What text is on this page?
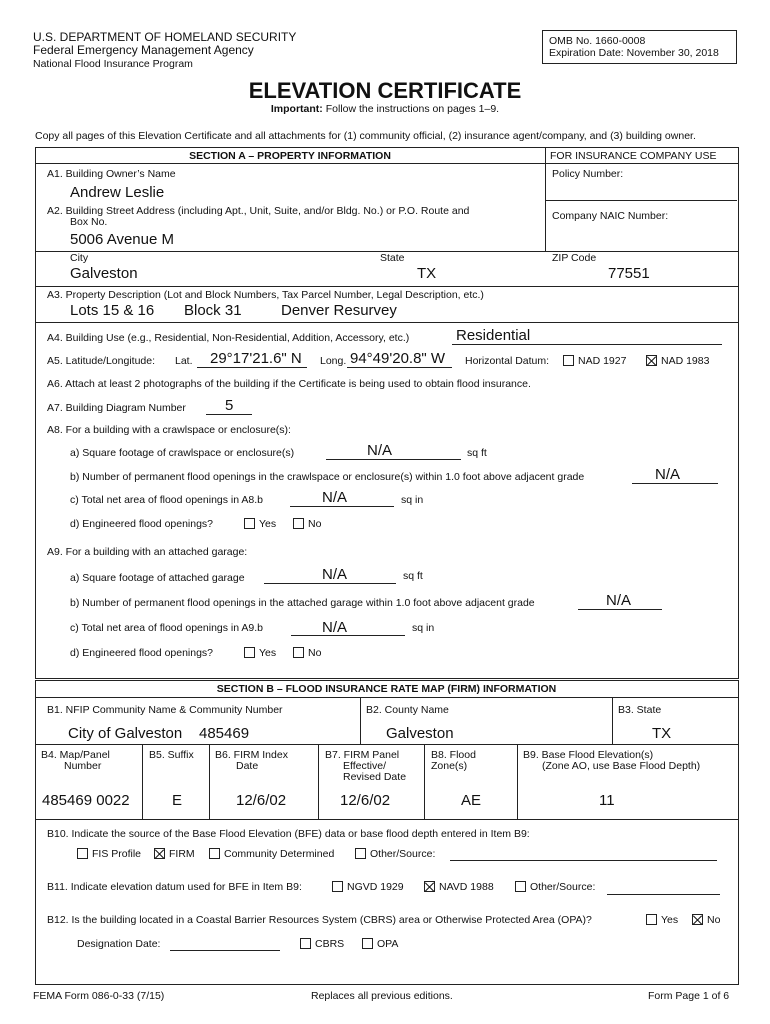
U.S. DEPARTMENT OF HOMELAND SECURITY
Federal Emergency Management Agency
National Flood Insurance Program
OMB No. 1660-0008
Expiration Date: November 30, 2018
ELEVATION CERTIFICATE
Important: Follow the instructions on pages 1–9.
Copy all pages of this Elevation Certificate and all attachments for (1) community official, (2) insurance agent/company, and (3) building owner.
SECTION A – PROPERTY INFORMATION	FOR INSURANCE COMPANY USE
Policy Number:
Company NAIC Number:
A1. Building Owner’s Name
Andrew Leslie
A2. Building Street Address (including Apt., Unit, Suite, and/or Bldg. No.) or P.O. Route and
Box No.
5006 Avenue M
City
Galveston
State
TX
ZIP Code
77551
A3. Property Description (Lot and Block Numbers, Tax Parcel Number, Legal Description, etc.)
Lots 15 & 16 Block 31	Denver Resurvey
A4. Building Use (e.g., Residential, Non-Residential, Addition, Accessory, etc.)	Residential
A5. Latitude/Longitude: Lat. 29°17'21.6" N Long. 94°49'20.8" W Horizontal Datum:	NAD 1927	NAD 1983
A6. Attach at least 2 photographs of the building if the Certificate is being used to obtain flood insurance.
A7. Building Diagram Number	5
A8. For a building with a crawlspace or enclosure(s):
a) Square footage of crawlspace or enclosure(s)	N/A	sq ft
b) Number of permanent flood openings in the crawlspace or enclosure(s) within 1.0 foot above adjacent grade	N/A
c) Total net area of flood openings in A8.b	N/A	sq in
d) Engineered flood openings?	Yes	No
A9. For a building with an attached garage:
a) Square footage of attached garage	N/A	sq ft
b) Number of permanent flood openings in the attached garage within 1.0 foot above adjacent grade	N/A
c) Total net area of flood openings in A9.b	N/A	sq in
d) Engineered flood openings?	Yes	No
SECTION B – FLOOD INSURANCE RATE MAP (FIRM) INFORMATION
B1. NFIP Community Name & Community Number
City of Galveston 485469
B2. County Name
Galveston
B3. State
TX
B4. Map/Panel
Number
485469 0022
B5. Suffix
E
B6. FIRM Index
Date
12/6/02
B7. FIRM Panel
Effective/
Revised Date
12/6/02
B8. Flood
Zone(s)
AE
B9. Base Flood Elevation(s)
(Zone AO, use Base Flood Depth)
11
B10. Indicate the source of the Base Flood Elevation (BFE) data or base flood depth entered in Item B9:
FIS Profile	FIRM	Community Determined	Other/Source:
B11. Indicate elevation datum used for BFE in Item B9:	NGVD 1929	NAVD 1988	Other/Source:
B12. Is the building located in a Coastal Barrier Resources System (CBRS) area or Otherwise Protected Area (OPA)?	Yes	No
Designation Date:	CBRS	OPA
FEMA Form 086-0-33 (7/15)	Replaces all previous editions.	Form Page 1 of 6
